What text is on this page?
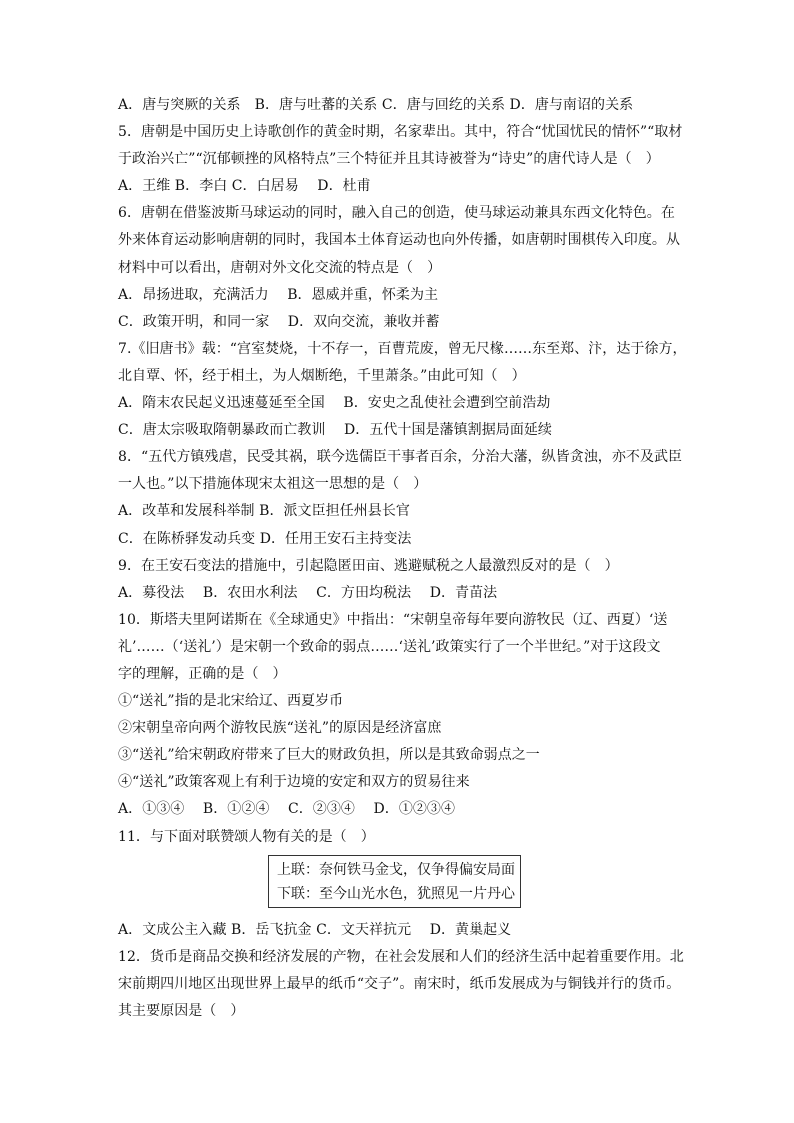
A．唐与突厥的关系　B．唐与吐蕃的关系 C．唐与回纥的关系 D．唐与南诏的关系
5．唐朝是中国历史上诗歌创作的黄金时期，名家辈出。其中，符合“忧国忧民的情怀”“取材
于政治兴亡”“沉郁顿挫的风格特点”三个特征并且其诗被誉为“诗史”的唐代诗人是（　）
A．王维 B．李白 C．白居易　 D．杜甫
6．唐朝在借鉴波斯马球运动的同时，融入自己的创造，使马球运动兼具东西文化特色。在
外来体育运动影响唐朝的同时，我国本土体育运动也向外传播，如唐朝时围棋传入印度。从
材料中可以看出，唐朝对外文化交流的特点是（　）
A．昂扬进取，充满活力　 B．恩威并重，怀柔为主
C．政策开明，和同一家　 D．双向交流，兼收并蓄
7.《旧唐书》载：“宫室焚烧，十不存一，百曹荒废，曾无尺椽……东至郑、汴，达于徐方，
北自覃、怀，经于相土，为人烟断绝，千里萧条。”由此可知（　）
A．隋末农民起义迅速蔓延至全国　 B．安史之乱使社会遭到空前浩劫
C．唐太宗吸取隋朝暴政而亡教训　 D．五代十国是藩镇割据局面延续
8．“五代方镇残虐，民受其祸，联今选儒臣干事者百余，分治大藩，纵皆贪浊，亦不及武臣
一人也。”以下措施体现宋太祖这一思想的是（　）
A．改革和发展科举制 B．派文臣担任州县长官
C．在陈桥驿发动兵变 D．任用王安石主持变法
9．在王安石变法的措施中，引起隐匿田亩、逃避赋税之人最激烈反对的是（　）
A．募役法　 B．农田水利法　 C．方田均税法　 D．青苗法
10．斯塔夫里阿诺斯在《全球通史》中指出：“宋朝皇帝每年要向游牧民（辽、西夏）‘送
礼’……（‘送礼’）是宋朝一个致命的弱点……‘送礼’政策实行了一个半世纪。”对于这段文
字的理解，正确的是（　）
①“送礼”指的是北宋给辽、西夏岁币
②宋朝皇帝向两个游牧民族“送礼”的原因是经济富庶
③“送礼”给宋朝政府带来了巨大的财政负担，所以是其致命弱点之一
④“送礼”政策客观上有利于边境的安定和双方的贸易往来
A．①③④　 B．①②④　 C．②③④　 D．①②③④
11．与下面对联赞颂人物有关的是（　）
上联：奈何铁马金戈，仅争得偏安局面
下联：至今山光水色，犹照见一片丹心
A．文成公主入藏 B．岳飞抗金 C．文天祥抗元　 D．黄巢起义
12．货币是商品交换和经济发展的产物，在社会发展和人们的经济生活中起着重要作用。北
宋前期四川地区出现世界上最早的纸币“交子”。南宋时，纸币发展成为与铜钱并行的货币。
其主要原因是（　）
